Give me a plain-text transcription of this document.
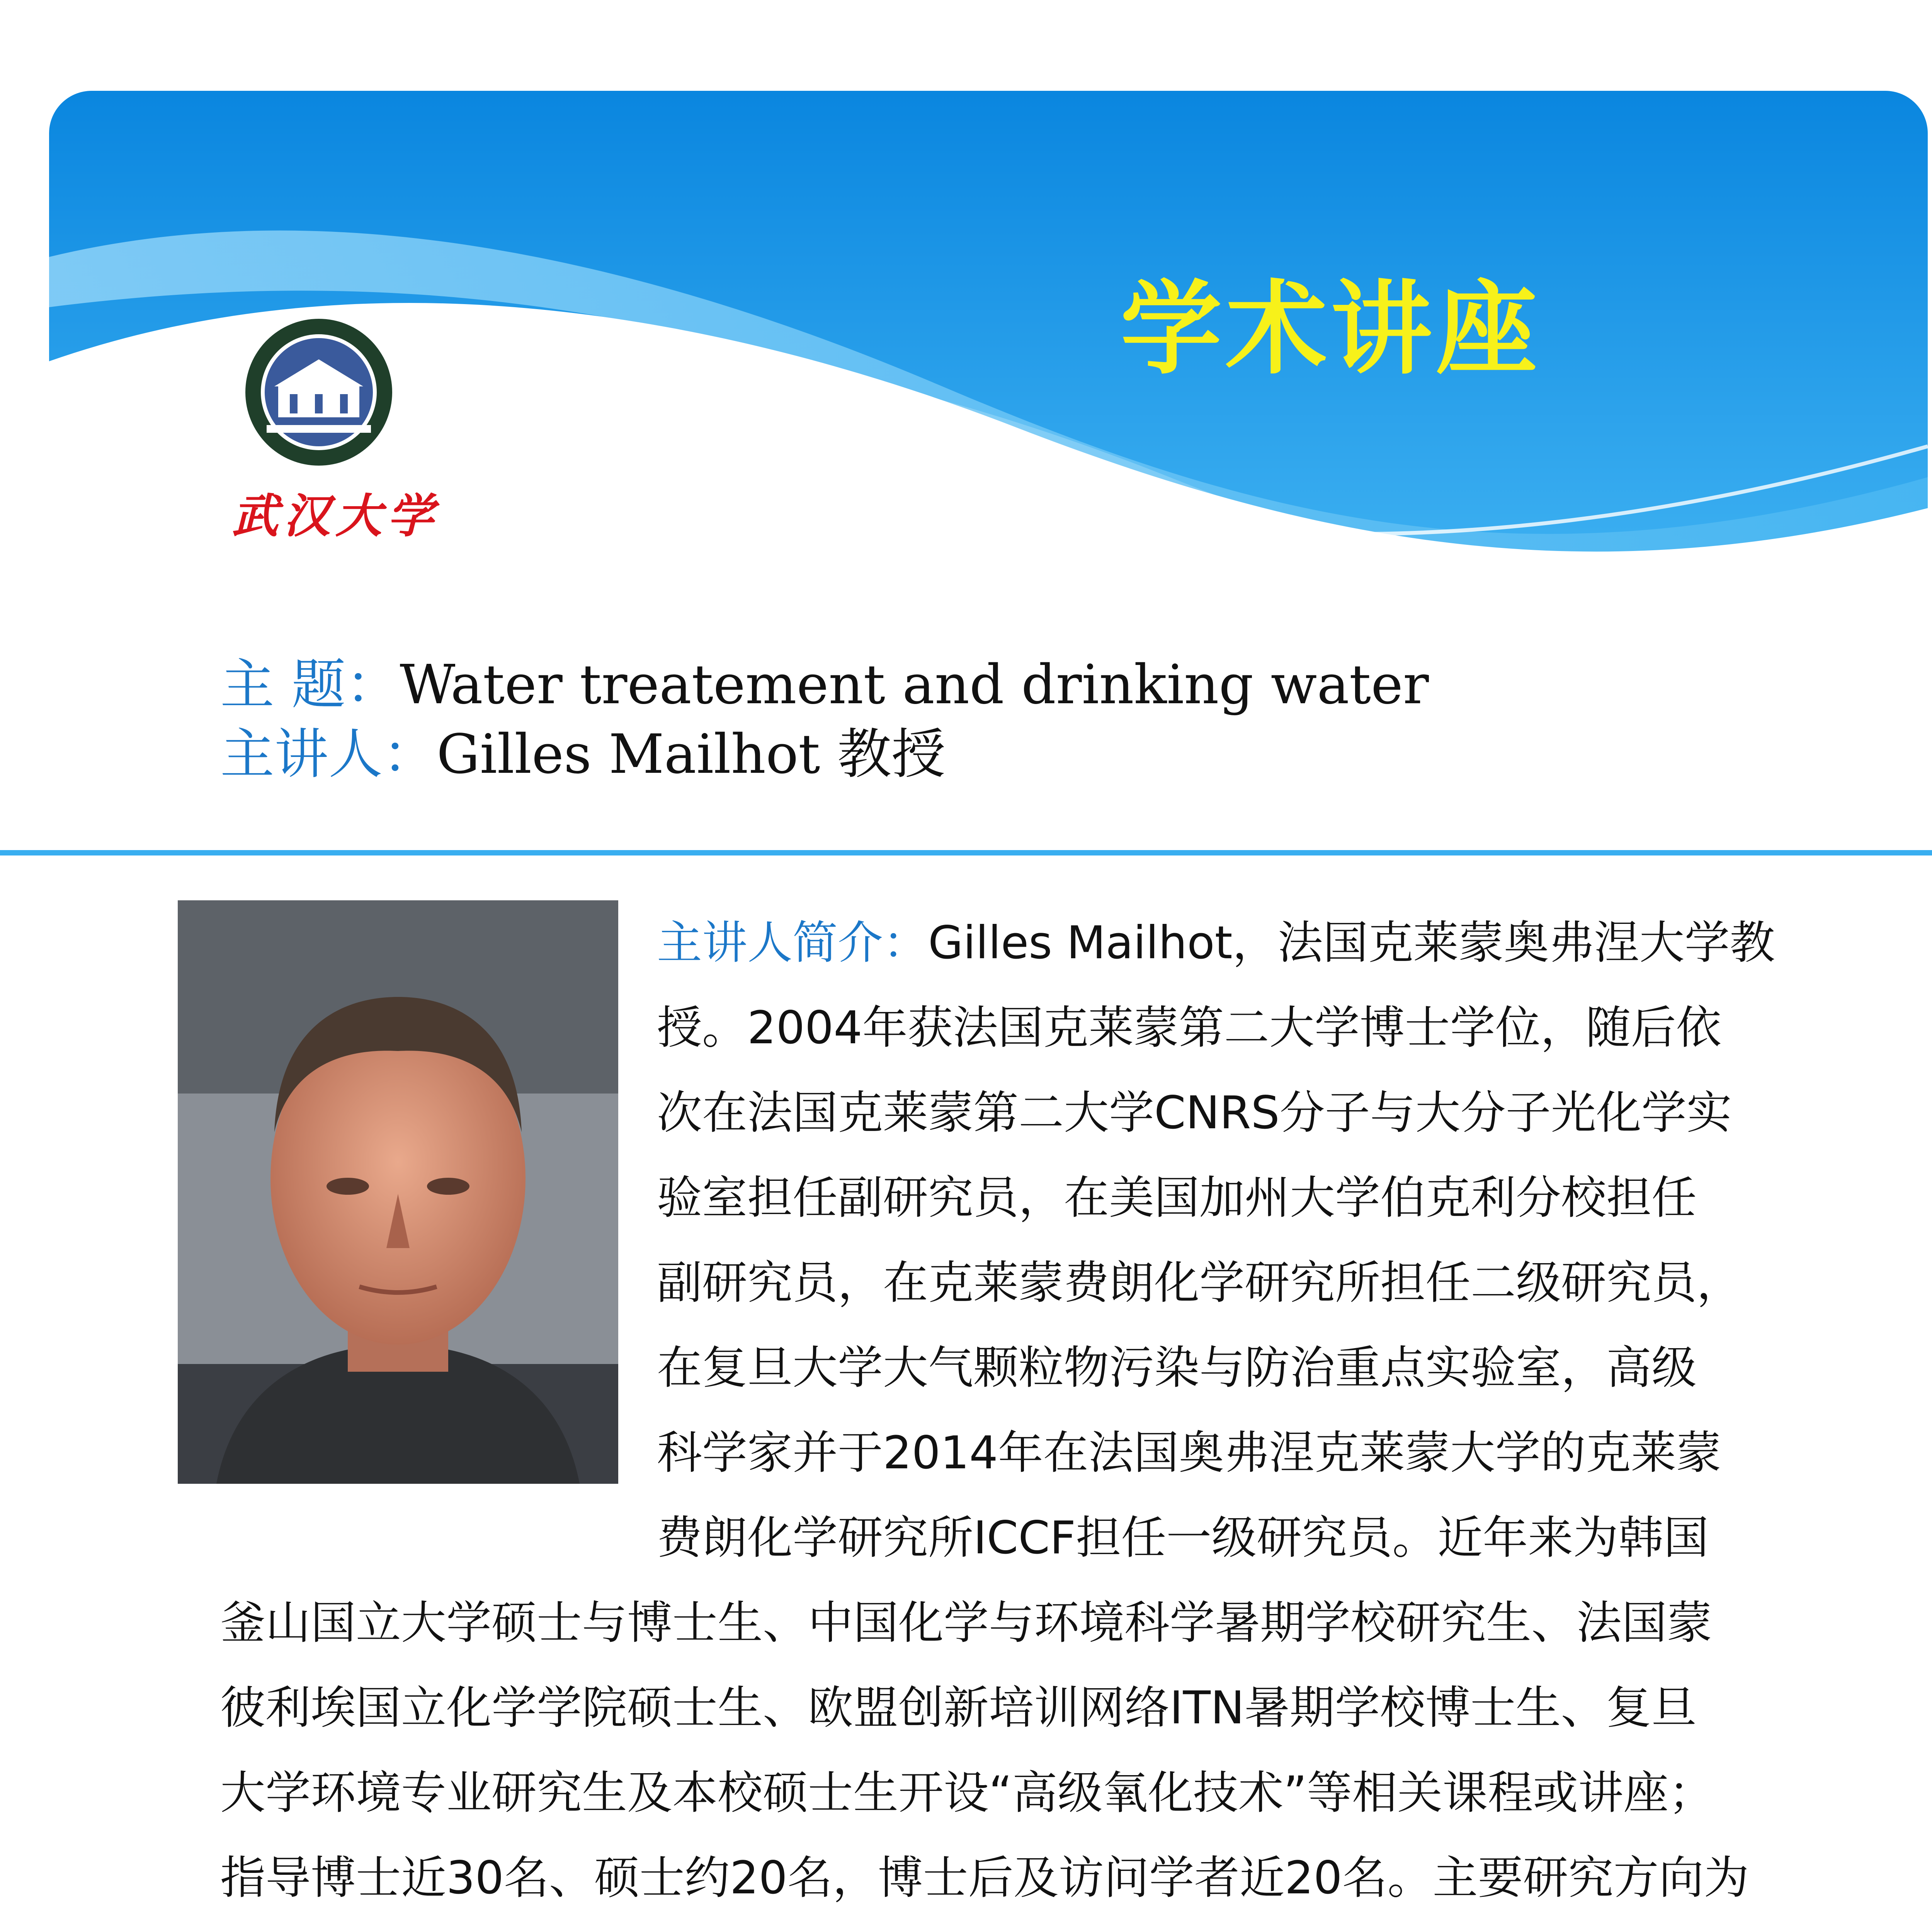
学术讲座
武汉大学
主 题：Water treatement and drinking water
主讲人：Gilles Mailhot 教授
主讲人简介：Gilles Mailhot，法国克莱蒙奥弗涅大学教
授。2004年获法国克莱蒙第二大学博士学位，随后依
次在法国克莱蒙第二大学CNRS分子与大分子光化学实
验室担任副研究员，在美国加州大学伯克利分校担任
副研究员，在克莱蒙费朗化学研究所担任二级研究员，
在复旦大学大气颗粒物污染与防治重点实验室，高级
科学家并于2014年在法国奥弗涅克莱蒙大学的克莱蒙
费朗化学研究所ICCF担任一级研究员。近年来为韩国
釜山国立大学硕士与博士生、中国化学与环境科学暑期学校研究生、法国蒙
彼利埃国立化学学院硕士生、欧盟创新培训网络ITN暑期学校博士生、复旦
大学环境专业研究生及本校硕士生开设“高级氧化技术”等相关课程或讲座；
指导博士近30名、硕士约20名，博士后及访问学者近20名。主要研究方向为
